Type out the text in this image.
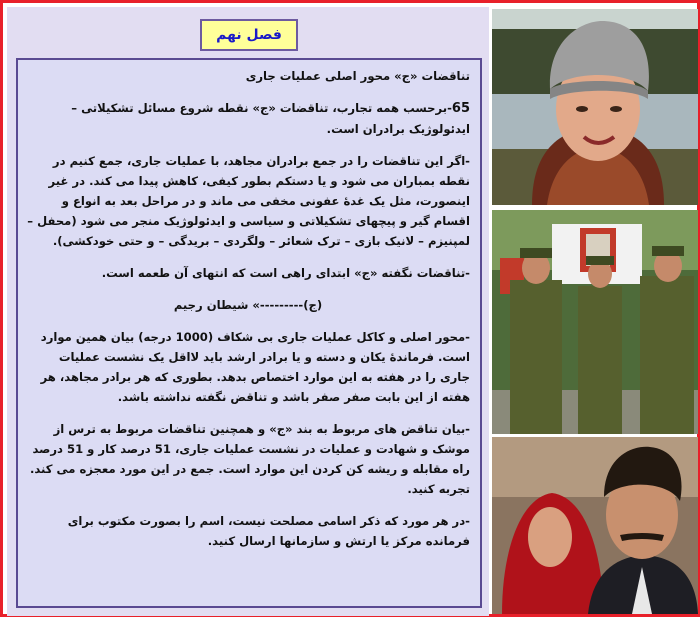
فصل نهم

تناقضات «ج» محور اصلی عملیات جاری

65-برحسب همه تجارب، تناقضات «ج» نقطه شروع مسائل تشکیلاتی – ایدئولوژیک برادران است.

-اگر این تناقضات را در جمع برادران مجاهد، با عملیات جاری، جمع کنیم در نقطه بمباران می شود و یا دستکم بطور کیفی، کاهش پیدا می کند. در غیر اینصورت، مثل یک غدهٔ عفونی مخفی می ماند و در مراحل بعد به انواع و اقسام گیر و پیچهای تشکیلاتی و سیاسی و ایدئولوژیک منجر می شود (محفل – لمپنیزم – لانیک بازی – ترک شعائر – ولگردی – بریدگی – و حتی خودکشی).

-تناقضات نگفته «ج» ابتدای راهی است که انتهای آن طعمه است.

(ج)---------» شیطان رجیم

-محور اصلی و کاکل عملیات جاری بی شکاف (1000 درجه) بیان همین موارد است. فرماندهٔ یکان و دسته و یا برادر ارشد باید لااقل یک نشست عملیات جاری را در هفته به این موارد اختصاص بدهد. بطوری که هر برادر مجاهد، هر هفته از این بابت صفر صفر باشد و تناقض نگفته نداشته باشد.

-بیان تناقض های مربوط به بند «ج» و همچنین تناقضات مربوط به ترس از موشک و شهادت و عملیات در نشست عملیات جاری، 51 درصد کار و 51 درصد راه مقابله و ریشه کن کردن این موارد است. جمع در این مورد معجزه می کند. تجربه کنید.

-در هر مورد که ذکر اسامی مصلحت نیست، اسم را بصورت مکتوب برای فرمانده مرکز یا ارتش و سازمانها ارسال کنید.
